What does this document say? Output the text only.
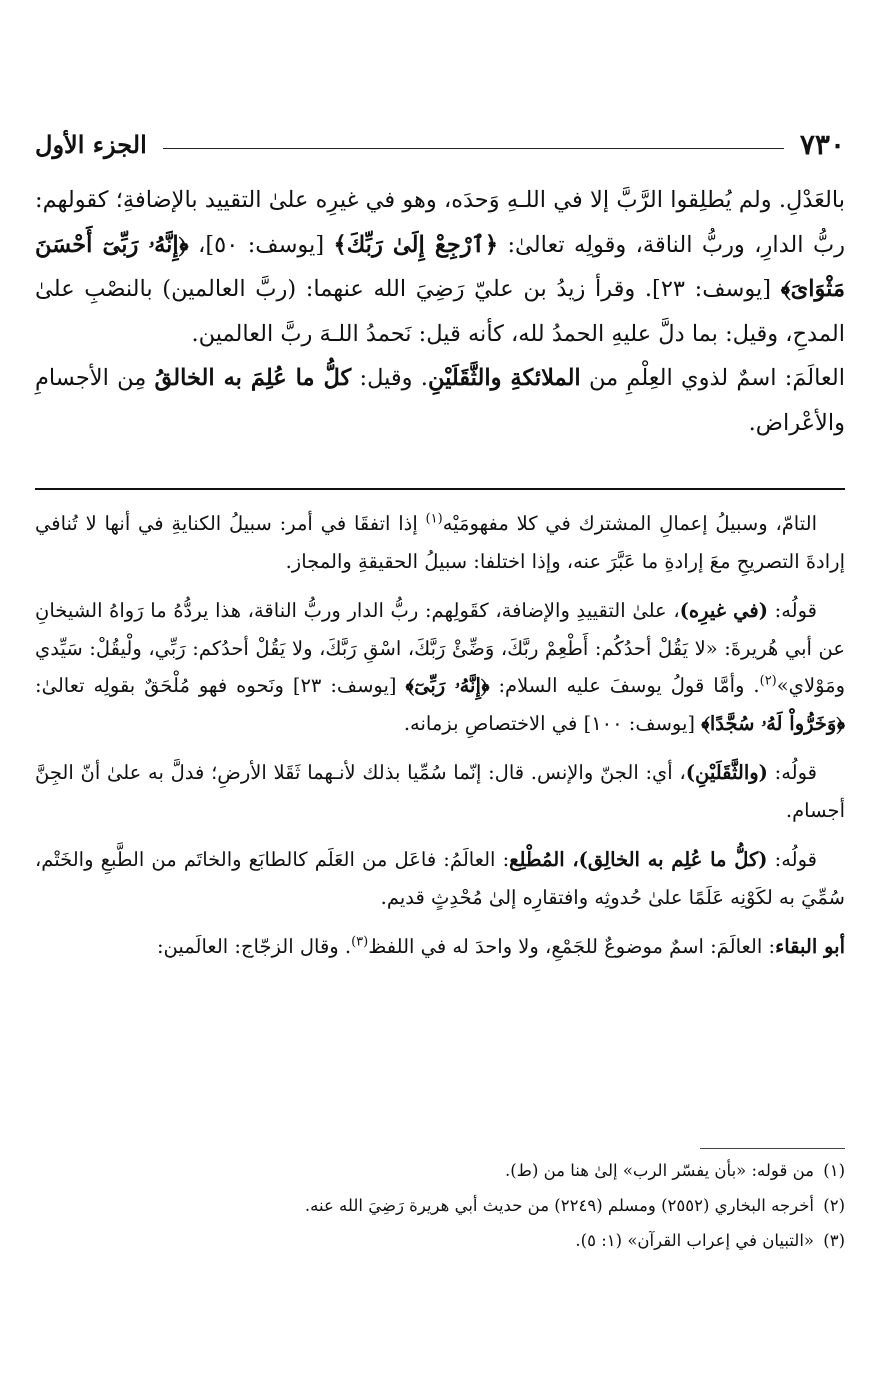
٧٣٠
الجزء الأول

بالعَدْلِ. ولم يُطلِقوا الرَّبَّ إلا في اللـهِ وَحدَه، وهو في غيرِه علىٰ التقييد بالإضافةِ؛ كقولهم: ربُّ الدارِ، وربُّ الناقة، وقولِه تعالىٰ: ﴿ٱرْجِعْ إِلَىٰ رَبِّكَ﴾ [يوسف: ٥٠]، ﴿إِنَّهُۥ رَبِّىٓ أَحْسَنَ مَثْوَاىَ﴾ [يوسف: ٢٣]. وقرأ زيدُ بن عليّ رَضِيَ الله عنهما: (ربَّ العالمين) بالنصْبِ علىٰ المدحِ، وقيل: بما دلَّ عليهِ الحمدُ لله، كأنه قيل: نَحمدُ اللـهَ ربَّ العالمين.

العالَمَ: اسمٌ لذوي العِلْمِ من الملائكةِ والثَّقَلَيْنِ. وقيل: كلُّ ما عُلِمَ به الخالقُ مِن الأجسامِ والأعْراض.

التامّ، وسبيلُ إعمالِ المشترك في كلا مفهومَيْه$^{(١)}$ إذا اتفقَا في أمر: سبيلُ الكنايةِ في أنها لا تُنافي إرادةَ التصريحِ معَ إرادةِ ما عَبَّرَ عنه، وإذا اختلفا: سبيلُ الحقيقةِ والمجاز.

قولُه: (في غيرِه)، علىٰ التقييدِ والإضافة، كقَولِهم: ربُّ الدار وربُّ الناقة، هذا يردُّهُ ما رَواهُ الشيخانِ عن أبي هُريرةَ: «لا يَقُلْ أحدُكُم: أَطْعِمْ ربَّكَ، وَضِّئْ رَبَّكَ، اسْقِ رَبَّكَ، ولا يَقُلْ أحدُكم: رَبِّي، ولْيقُلْ: سَيِّدي ومَوْلاي»$^{(٢)}$. وأمَّا قولُ يوسفَ عليه السلام: ﴿إِنَّهُۥ رَبِّىٓ﴾ [يوسف: ٢٣] ونَحوه فهو مُلْحَقٌ بقولِه تعالىٰ: ﴿وَخَرُّواْ لَهُۥ سُجَّدًا﴾ [يوسف: ١٠٠] في الاختصاصِ بزمانه.

قولُه: (والثَّقَلَيْنِ)، أي: الجنّ والإنس. قال: إنّما سُمِّيا بذلك لأنـهما ثَقَلا الأرضِ؛ فدلَّ به علىٰ أنّ الجِنَّ أجسام.

قولُه: (كلُّ ما عُلِم به الخالِق)، المُطْلِع: العالَمُ: فاعَل من العَلَم كالطابَع والخاتَم من الطَّبعِ والخَتْم، سُمِّيَ به لكَوْنِه عَلَمًا علىٰ حُدوثِه وافتقارِه إلىٰ مُحْدِثٍ قديم.

أبو البقاء: العالَمَ: اسمٌ موضوعٌ للجَمْعِ، ولا واحدَ له في اللفظ$^{(٣)}$. وقال الزجّاج: العالَمين:

(١) من قوله: «بأن يفسّر الرب» إلىٰ هنا من (ط).

(٢) أخرجه البخاري (٢٥٥٢) ومسلم (٢٢٤٩) من حديث أبي هريرة رَضِيَ الله عنه.

(٣) «التبيان في إعراب القرآن» (١: ٥).
